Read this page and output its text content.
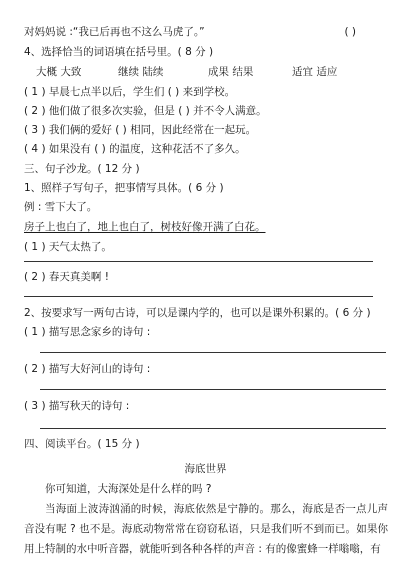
对妈妈说 :“我已后再也不这么马虎了。”	( )
4、选择恰当的词语填在括号里。( 8 分 )
大概 大致	继续 陆续	成果 结果	适宜 适应
( 1 ) 早晨七点半以后，学生们 ( ) 来到学校。
( 2 ) 他们做了很多次实验，但是 ( ) 并不令人满意。
( 3 ) 我们俩的爱好 ( ) 相同，因此经常在一起玩。
( 4 ) 如果没有 ( ) 的温度，这种花活不了多久。
三、句子沙龙。( 12 分 )
1、照样子写句子，把事情写具体。( 6 分 )
例 : 雪下大了。
房子上也白了，地上也白了，树枝好像开满了白花。
( 1 ) 天气太热了。
( 2 ) 春天真美啊 !
2、按要求写一两句古诗，可以是课内学的，也可以是课外积累的。( 6 分 )
( 1 ) 描写思念家乡的诗句 :
( 2 ) 描写大好河山的诗句 :
( 3 ) 描写秋天的诗句 :
四、阅读平台。( 15 分 )
海底世界
你可知道，大海深处是什么样的吗 ?
当海面上波涛汹涌的时候，海底依然是宁静的。那么，海底是否一点儿声音没有呢 ? 也不是。海底动物常常在窃窃私语，只是我们听不到而已。如果你用上特制的水中听音器，就能听到各种各样的声音 : 有的像蜜蜂一样嗡嗡，有
